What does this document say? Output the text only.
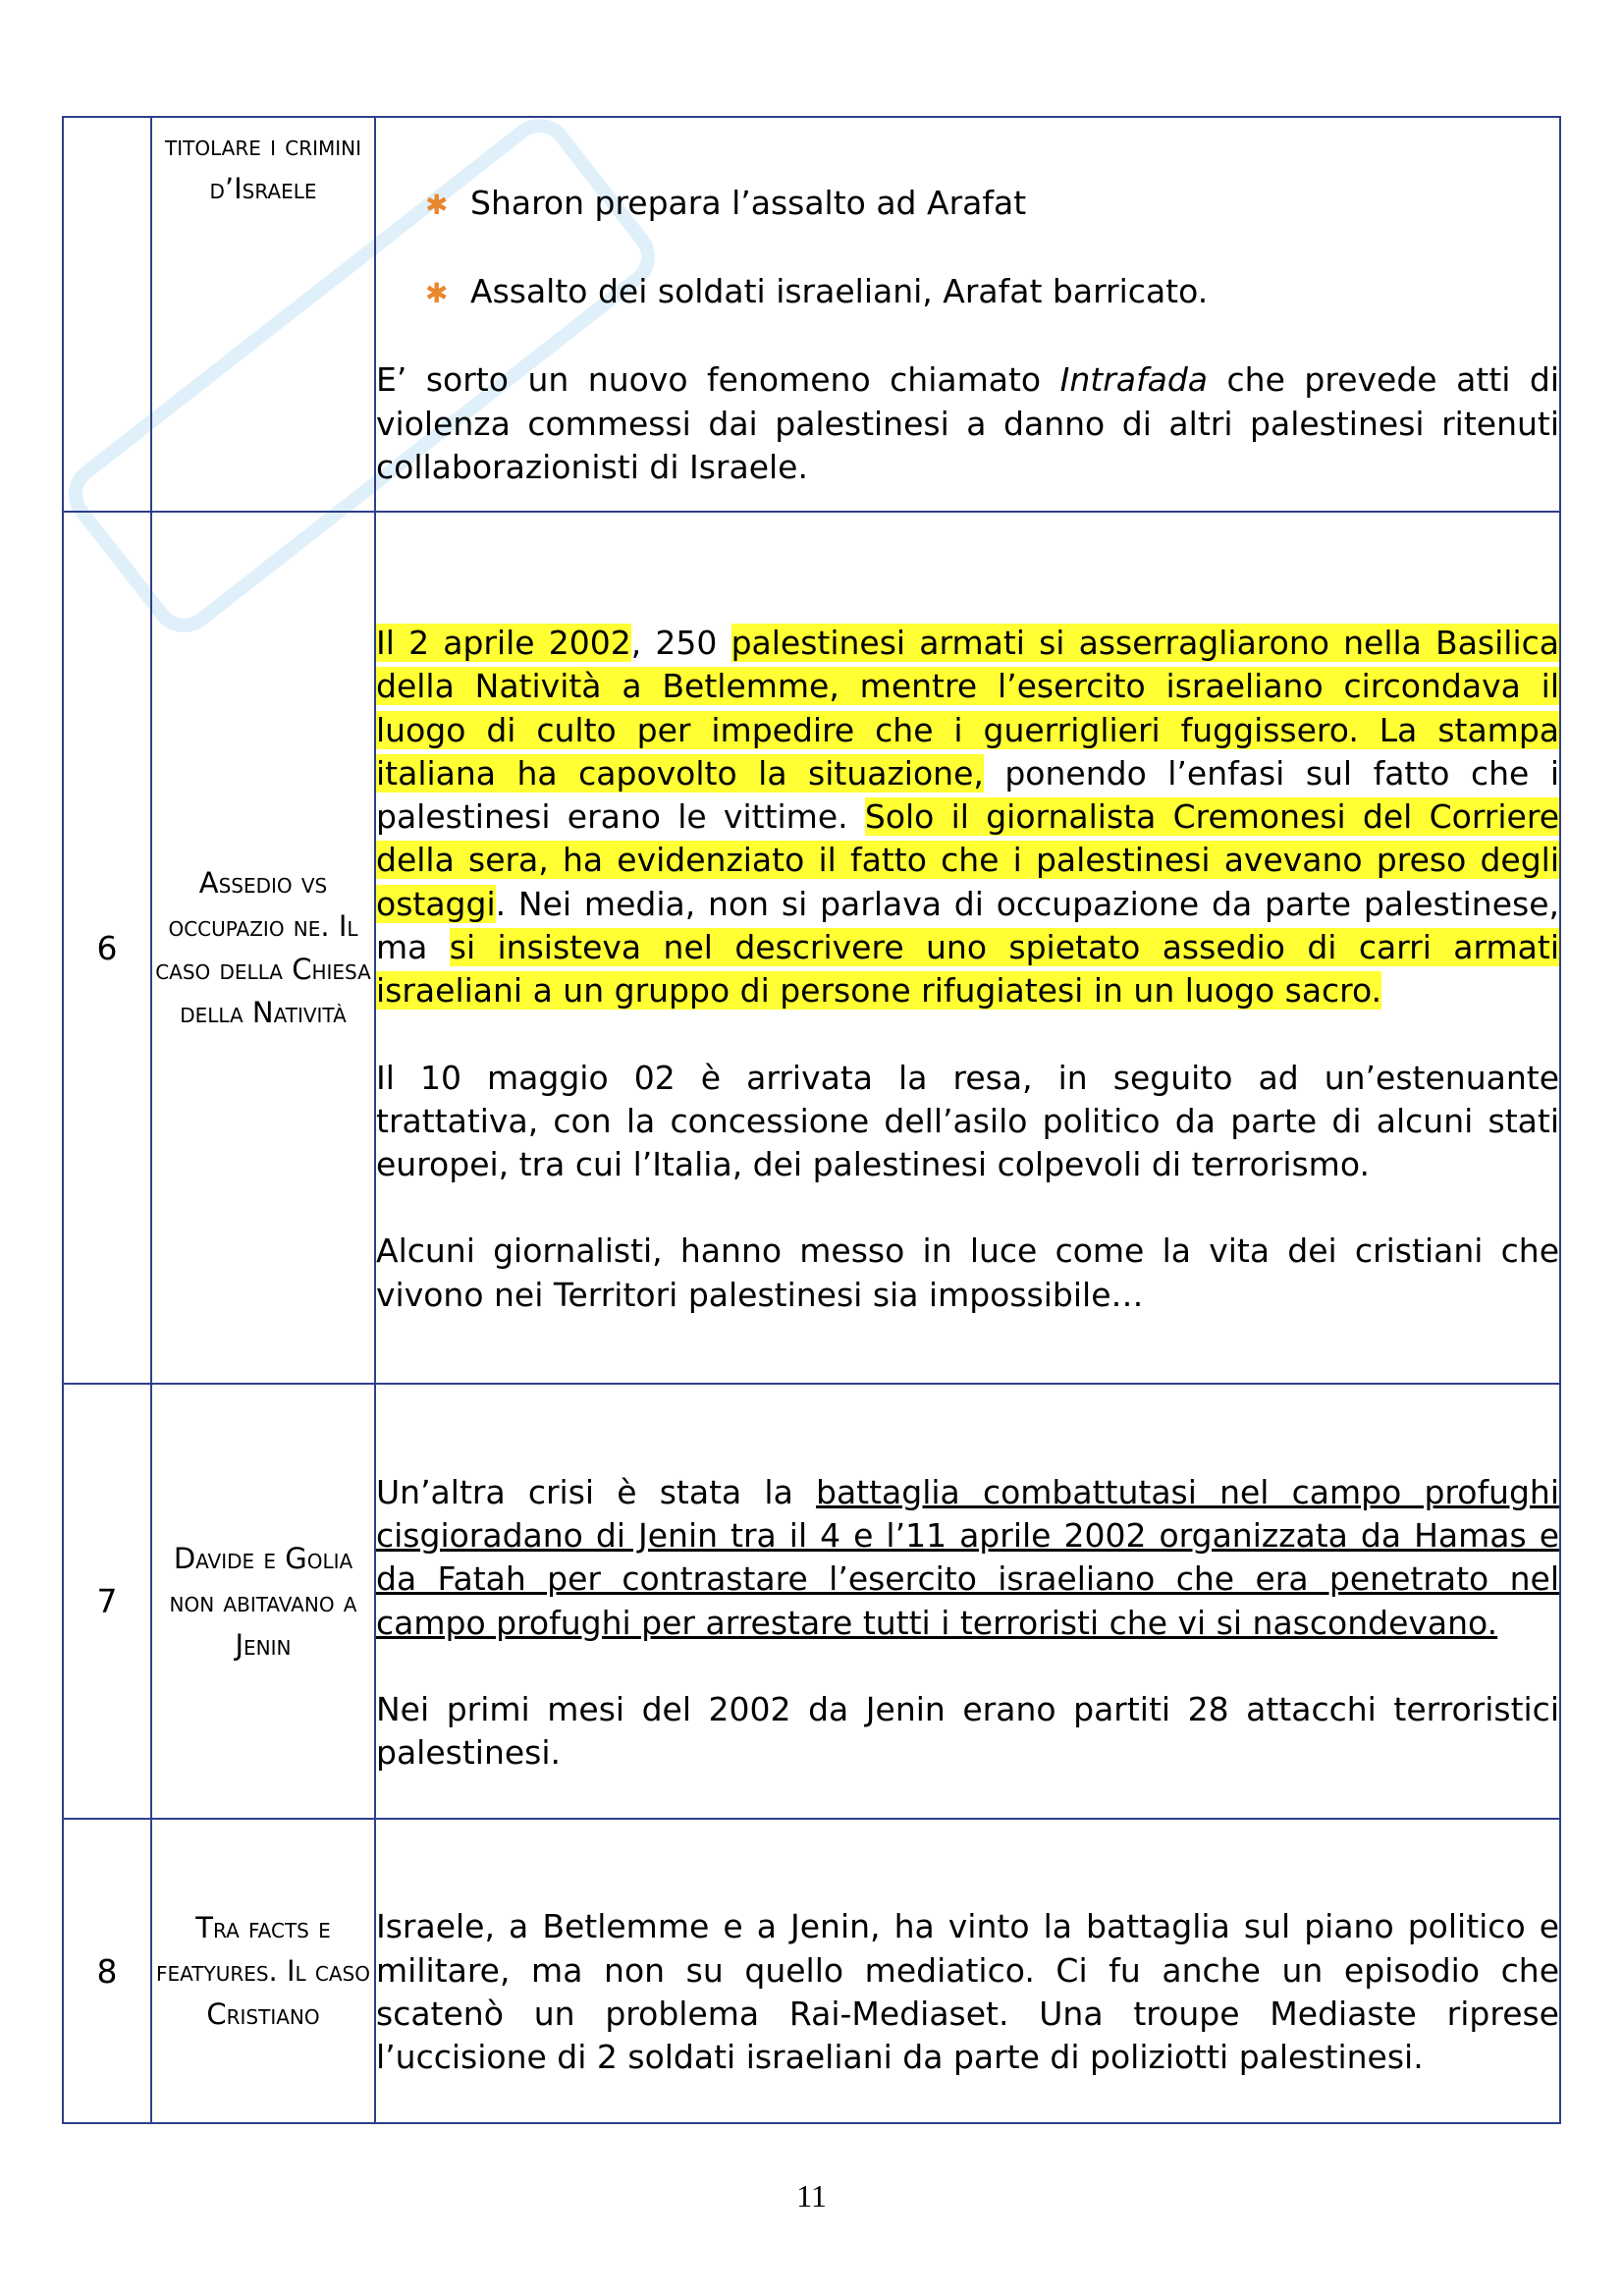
	titolare i crimini d’Israele	✱ Sharon prepara l’assalto ad Arafat
✱ Assalto dei soldati israeliani, Arafat barricato.

E’ sorto un nuovo fenomeno chiamato Intrafada che prevede atti di violenza commessi dai palestinesi a danno di altri palestinesi ritenuti collaborazionisti di Israele.

6	Assedio vs occupazio ne. Il caso della Chiesa della Natività	Il 2 aprile 2002, 250 palestinesi armati si asserragliarono nella Basilica della Natività a Betlemme, mentre l’esercito israeliano circondava il luogo di culto per impedire che i guerriglieri fuggissero. La stampa italiana ha capovolto la situazione, ponendo l’enfasi sul fatto che i palestinesi erano le vittime. Solo il giornalista Cremonesi del Corriere della sera, ha evidenziato il fatto che i palestinesi avevano preso degli ostaggi. Nei media, non si parlava di occupazione da parte palestinese, ma si insisteva nel descrivere uno spietato assedio di carri armati israeliani a un gruppo di persone rifugiatesi in un luogo sacro.

Il 10 maggio 02 è arrivata la resa, in seguito ad un’estenuante trattativa, con la concessione dell’asilo politico da parte di alcuni stati europei, tra cui l’Italia, dei palestinesi colpevoli di terrorismo.

Alcuni giornalisti, hanno messo in luce come la vita dei cristiani che vivono nei Territori palestinesi sia impossibile…

7	Davide e Golia non abitavano a Jenin	Un’altra crisi è stata la battaglia combattutasi nel campo profughi cisgioradano di Jenin tra il 4 e l’11 aprile 2002 organizzata da Hamas e da Fatah per contrastare l’esercito israeliano che era penetrato nel campo profughi per arrestare tutti i terroristi che vi si nascondevano.

Nei primi mesi del 2002 da Jenin erano partiti 28 attacchi terroristici palestinesi.

8	Tra facts e featyures. Il caso Cristiano	Israele, a Betlemme e a Jenin, ha vinto la battaglia sul piano politico e militare, ma non su quello mediatico. Ci fu anche un episodio che scatenò un problema Rai-Mediaset. Una troupe Mediaste riprese l’uccisione di 2 soldati israeliani da parte di poliziotti palestinesi.

11
